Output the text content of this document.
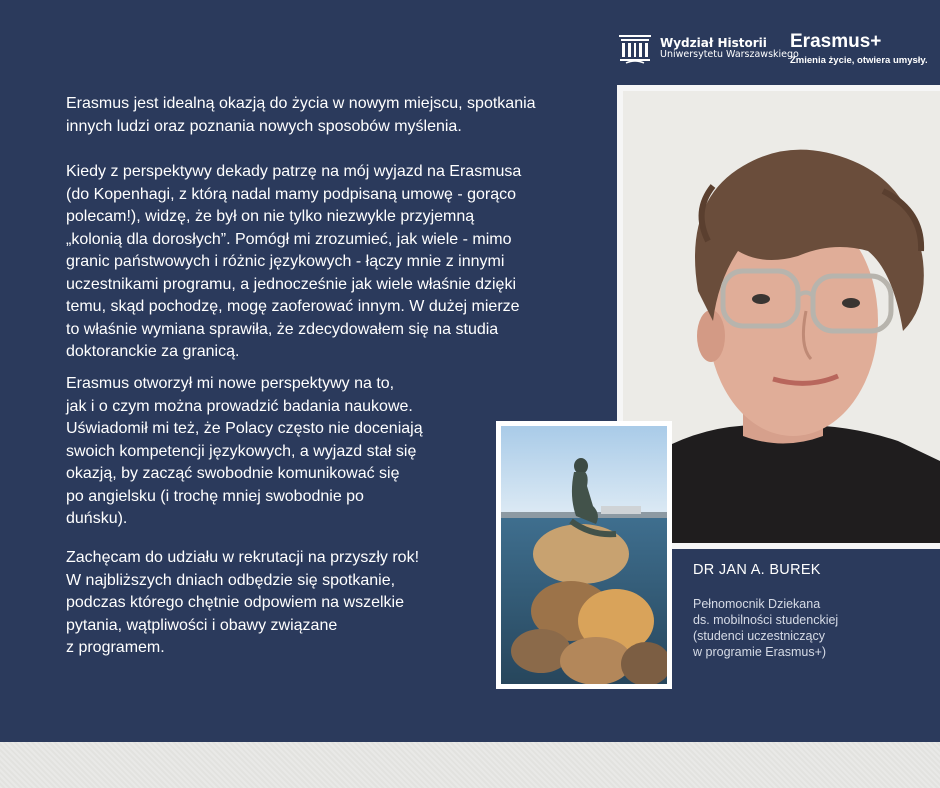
Wydział Historii
Uniwersytetu Warszawskiego
Erasmus+
Zmienia życie, otwiera umysły.
Erasmus jest idealną okazją do życia w nowym miejscu, spotkania
innych ludzi oraz poznania nowych sposobów myślenia.
Kiedy z perspektywy dekady patrzę na mój wyjazd na Erasmusa
(do Kopenhagi, z którą nadal mamy podpisaną umowę - gorąco
polecam!), widzę, że był on nie tylko niezwykle przyjemną
„kolonią dla dorosłych”. Pomógł mi zrozumieć, jak wiele - mimo
granic państwowych i różnic językowych - łączy mnie z innymi
uczestnikami programu, a jednocześnie jak wiele właśnie dzięki
temu, skąd pochodzę, mogę zaoferować innym. W dużej mierze
to właśnie wymiana sprawiła, że zdecydowałem się na studia
doktoranckie za granicą.
Erasmus otworzył mi nowe perspektywy na to,
jak i o czym można prowadzić badania naukowe.
Uświadomił mi też, że Polacy często nie doceniają
swoich kompetencji językowych, a wyjazd stał się
okazją, by zacząć swobodnie komunikować się
po angielsku (i trochę mniej swobodnie po
duńsku).
Zachęcam do udziału w rekrutacji na przyszły rok!
W najbliższych dniach odbędzie się spotkanie,
podczas którego chętnie odpowiem na wszelkie
pytania, wątpliwości i obawy związane
z programem.
DR JAN A. BUREK
Pełnomocnik Dziekana
ds. mobilności studenckiej
(studenci uczestniczący
w programie Erasmus+)
